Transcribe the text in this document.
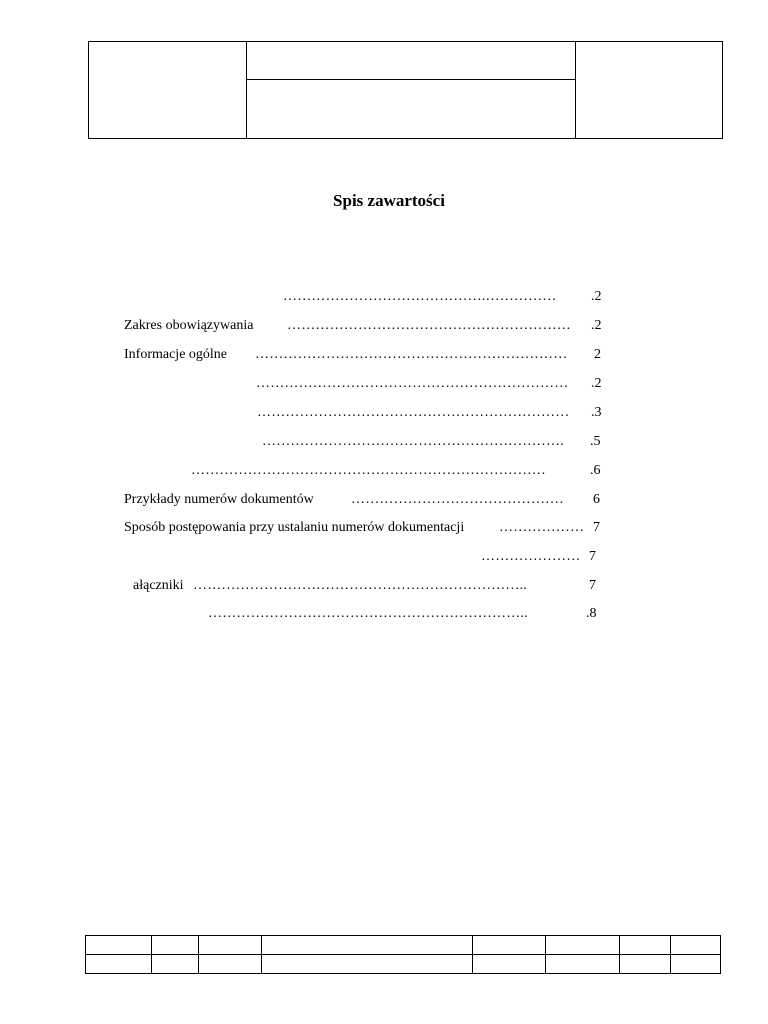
Spis zawartości
…………………………………….……………	.2
Zakres obowiązywania ……………………………………………………	.2
Informacje ogólne …………………………………………………………	2
…………………………………………………………	.2
…………………………………………………………	.3
……………………………………………………….	.5
…………………………………………………………………	.6
Przykłady numerów dokumentów	………………………………………	6
Sposób postępowania przy ustalaniu numerów dokumentacji ……………… 7
………………… 7
ałączniki ……………………………………………………………..	7
…………………………………………………………..	.8
